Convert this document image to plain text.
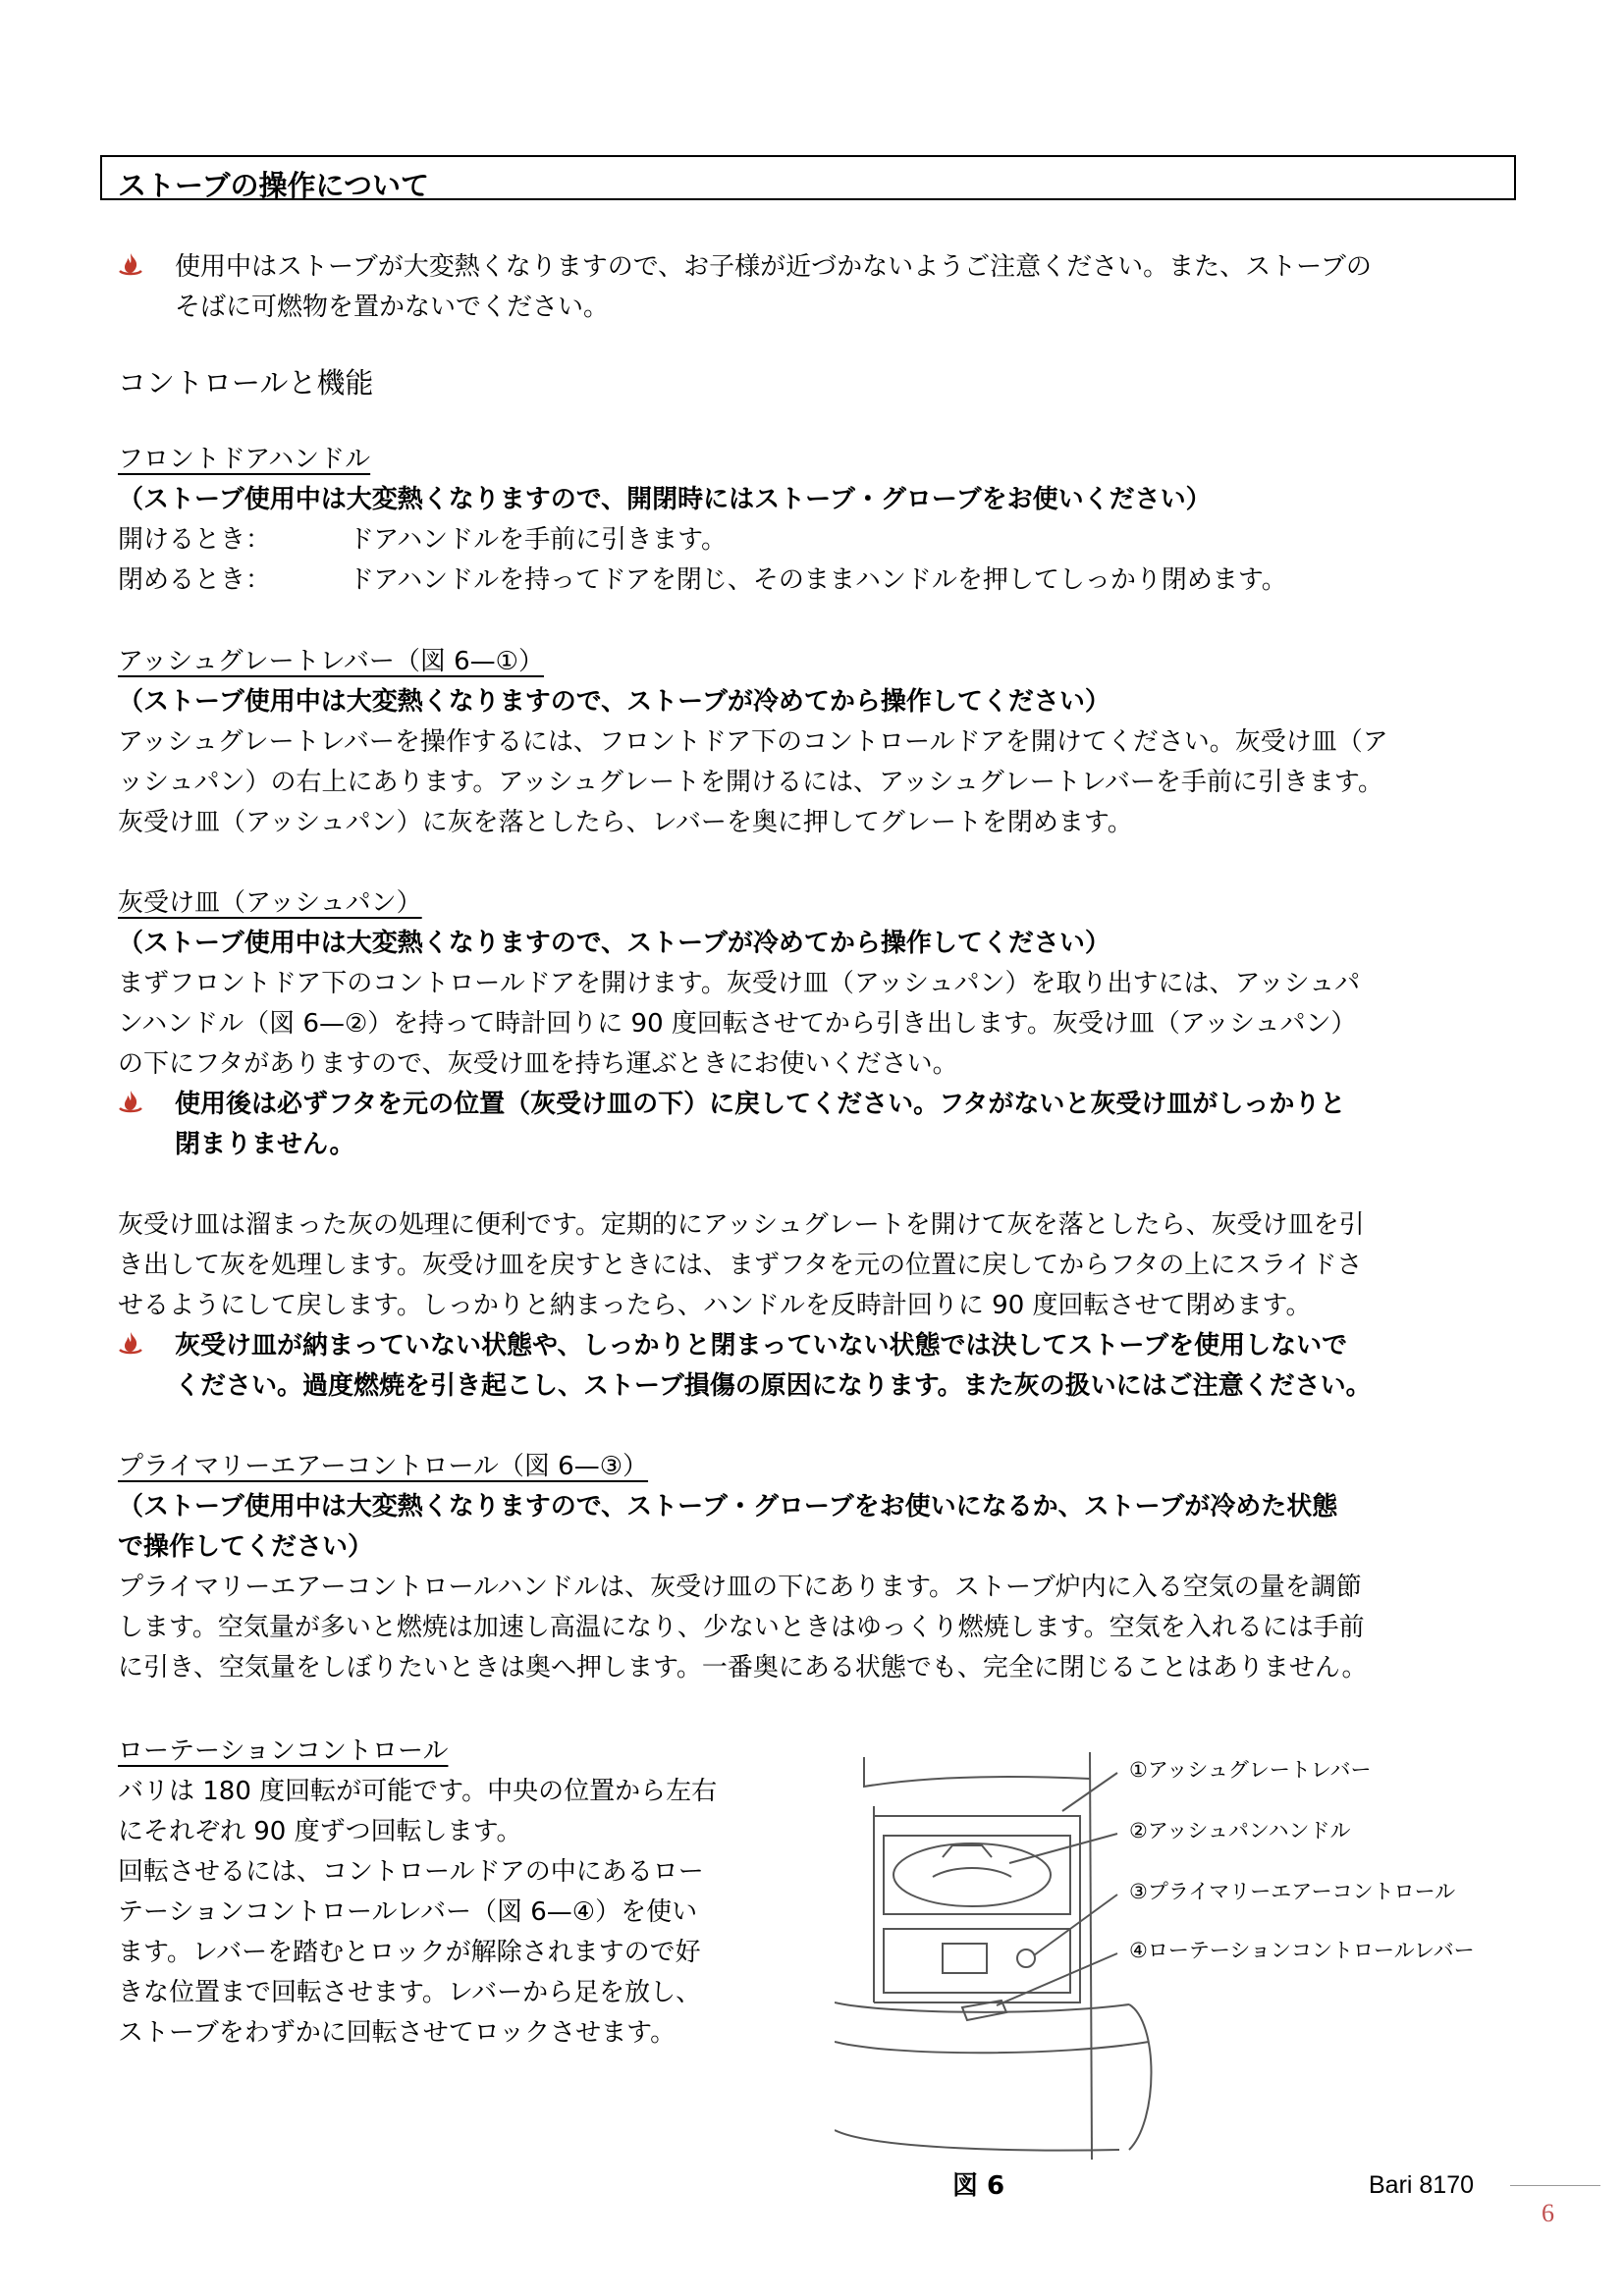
ストーブの操作について
使用中はストーブが大変熱くなりますので、お子様が近づかないようご注意ください。また、ストーブの
そばに可燃物を置かないでください。
コントロールと機能
フロントドアハンドル
（ストーブ使用中は大変熱くなりますので、開閉時にはストーブ・グローブをお使いください）
開けるとき：	ドアハンドルを手前に引きます。
閉めるとき：	ドアハンドルを持ってドアを閉じ、そのままハンドルを押してしっかり閉めます。
アッシュグレートレバー（図 6—①）
（ストーブ使用中は大変熱くなりますので、ストーブが冷めてから操作してください）
アッシュグレートレバーを操作するには、フロントドア下のコントロールドアを開けてください。灰受け皿（ア
ッシュパン）の右上にあります。アッシュグレートを開けるには、アッシュグレートレバーを手前に引きます。
灰受け皿（アッシュパン）に灰を落としたら、レバーを奥に押してグレートを閉めます。
灰受け皿（アッシュパン）
（ストーブ使用中は大変熱くなりますので、ストーブが冷めてから操作してください）
まずフロントドア下のコントロールドアを開けます。灰受け皿（アッシュパン）を取り出すには、アッシュパ
ンハンドル（図 6—②）を持って時計回りに 90 度回転させてから引き出します。灰受け皿（アッシュパン）
の下にフタがありますので、灰受け皿を持ち運ぶときにお使いください。
使用後は必ずフタを元の位置（灰受け皿の下）に戻してください。フタがないと灰受け皿がしっかりと
閉まりません。
灰受け皿は溜まった灰の処理に便利です。定期的にアッシュグレートを開けて灰を落としたら、灰受け皿を引
き出して灰を処理します。灰受け皿を戻すときには、まずフタを元の位置に戻してからフタの上にスライドさ
せるようにして戻します。しっかりと納まったら、ハンドルを反時計回りに 90 度回転させて閉めます。
灰受け皿が納まっていない状態や、しっかりと閉まっていない状態では決してストーブを使用しないで
ください。過度燃焼を引き起こし、ストーブ損傷の原因になります。また灰の扱いにはご注意ください。
プライマリーエアーコントロール（図 6—③）
（ストーブ使用中は大変熱くなりますので、ストーブ・グローブをお使いになるか、ストーブが冷めた状態
で操作してください）
プライマリーエアーコントロールハンドルは、灰受け皿の下にあります。ストーブ炉内に入る空気の量を調節
します。空気量が多いと燃焼は加速し高温になり、少ないときはゆっくり燃焼します。空気を入れるには手前
に引き、空気量をしぼりたいときは奥へ押します。一番奥にある状態でも、完全に閉じることはありません。
ローテーションコントロール
バリは 180 度回転が可能です。中央の位置から左右
にそれぞれ 90 度ずつ回転します。
回転させるには、コントロールドアの中にあるロー
テーションコントロールレバー（図 6—④）を使い
ます。レバーを踏むとロックが解除されますので好
きな位置まで回転させます。レバーから足を放し、
ストーブをわずかに回転させてロックさせます。
①アッシュグレートレバー
②アッシュパンハンドル
③プライマリーエアーコントロール
④ローテーションコントロールレバー
図 6	Bari 8170
6
